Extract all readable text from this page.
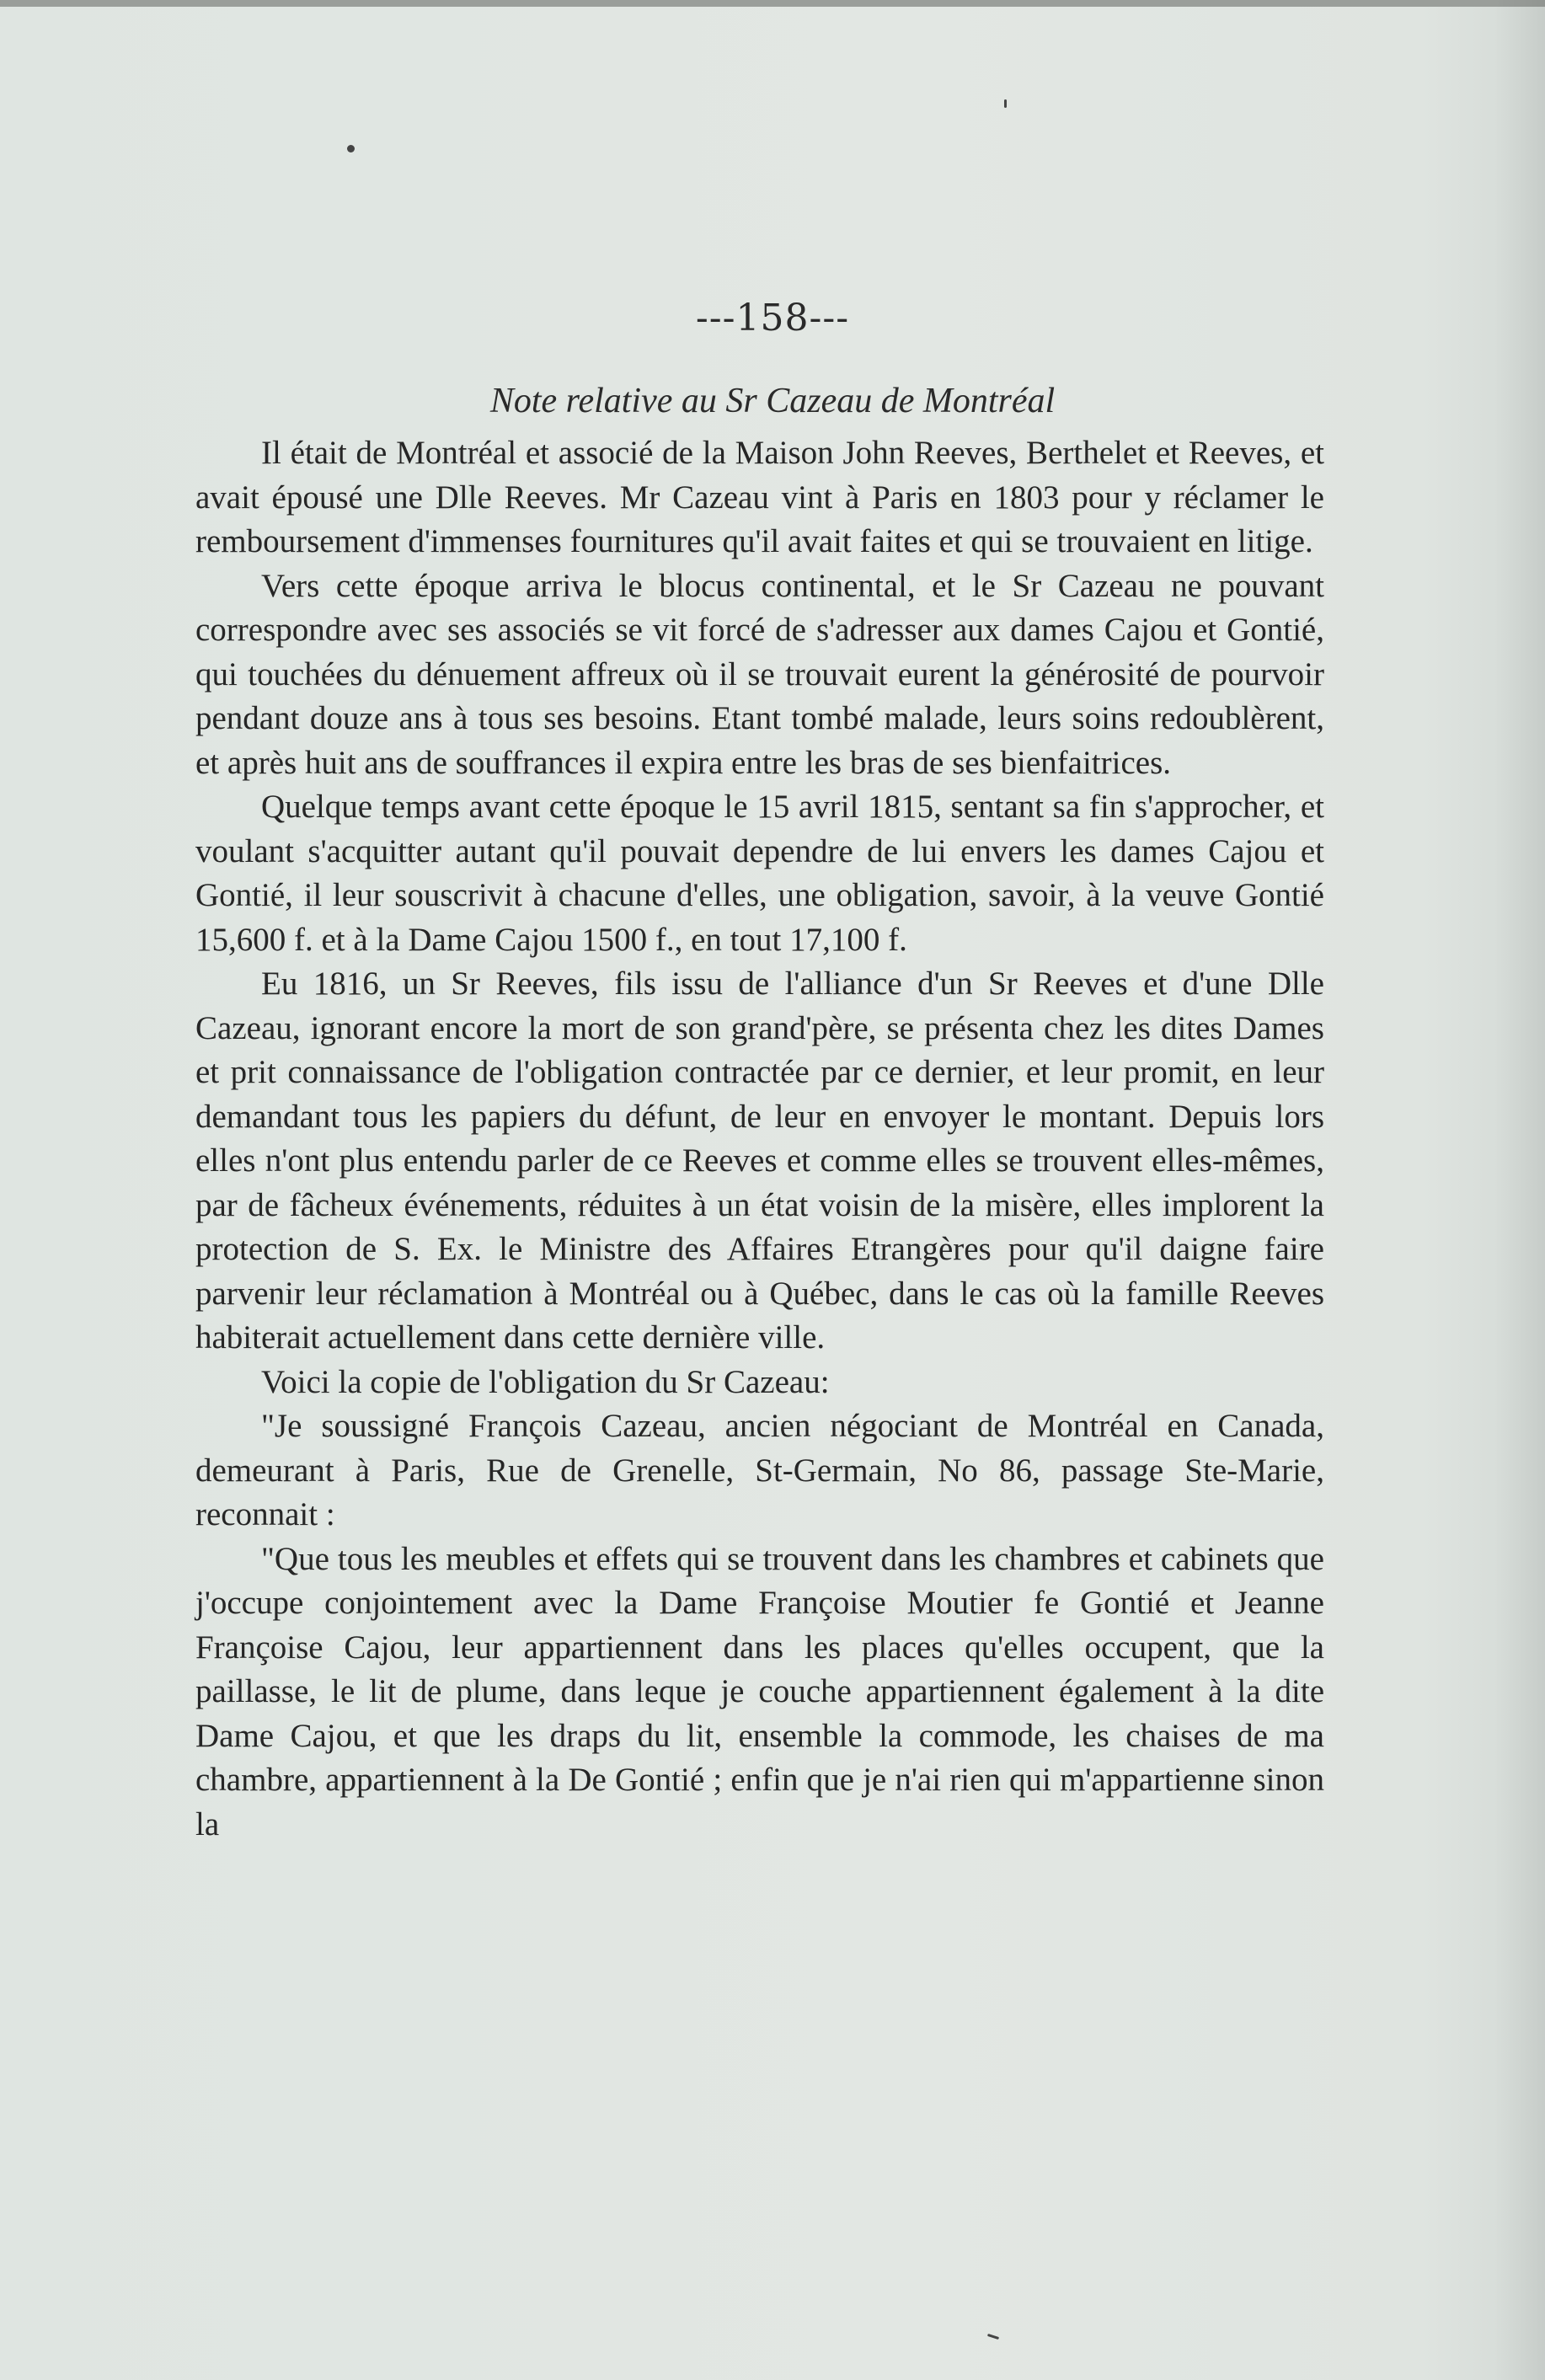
---158---
Note relative au Sr Cazeau de Montréal

Il était de Montréal et associé de la Maison John Reeves, Berthelet et Reeves, et avait épousé une Dlle Reeves. Mr Cazeau vint à Paris en 1803 pour y réclamer le remboursement d'immenses fournitures qu'il avait faites et qui se trouvaient en litige.

Vers cette époque arriva le blocus continental, et le Sr Cazeau ne pouvant correspondre avec ses associés se vit forcé de s'adresser aux dames Cajou et Gontié, qui touchées du dénuement affreux où il se trouvait eurent la générosité de pourvoir pendant douze ans à tous ses besoins. Etant tombé malade, leurs soins redoublèrent, et après huit ans de souffrances il expira entre les bras de ses bienfaitrices.

Quelque temps avant cette époque le 15 avril 1815, sentant sa fin s'approcher, et voulant s'acquitter autant qu'il pouvait dependre de lui envers les dames Cajou et Gontié, il leur souscrivit à chacune d'elles, une obligation, savoir, à la veuve Gontié 15,600 f. et à la Dame Cajou 1500 f., en tout 17,100 f.

Eu 1816, un Sr Reeves, fils issu de l'alliance d'un Sr Reeves et d'une Dlle Cazeau, ignorant encore la mort de son grand'père, se présenta chez les dites Dames et prit connaissance de l'obligation contractée par ce dernier, et leur promit, en leur demandant tous les papiers du défunt, de leur en envoyer le montant. Depuis lors elles n'ont plus entendu parler de ce Reeves et comme elles se trouvent elles-mêmes, par de fâcheux événements, réduites à un état voisin de la misère, elles implorent la protection de S. Ex. le Ministre des Affaires Etrangères pour qu'il daigne faire parvenir leur réclamation à Montréal ou à Québec, dans le cas où la famille Reeves habiterait actuellement dans cette dernière ville.

Voici la copie de l'obligation du Sr Cazeau:

"Je soussigné François Cazeau, ancien négociant de Montréal en Canada, demeurant à Paris, Rue de Grenelle, St-Germain, No 86, passage Ste-Marie, reconnait :

"Que tous les meubles et effets qui se trouvent dans les chambres et cabinets que j'occupe conjointement avec la Dame Françoise Moutier fe Gontié et Jeanne Françoise Cajou, leur appartiennent dans les places qu'elles occupent, que la paillasse, le lit de plume, dans leque je couche appartiennent également à la dite Dame Cajou, et que les draps du lit, ensemble la commode, les chaises de ma chambre, appartiennent à la De Gontié ; enfin que je n'ai rien qui m'appartienne sinon la
